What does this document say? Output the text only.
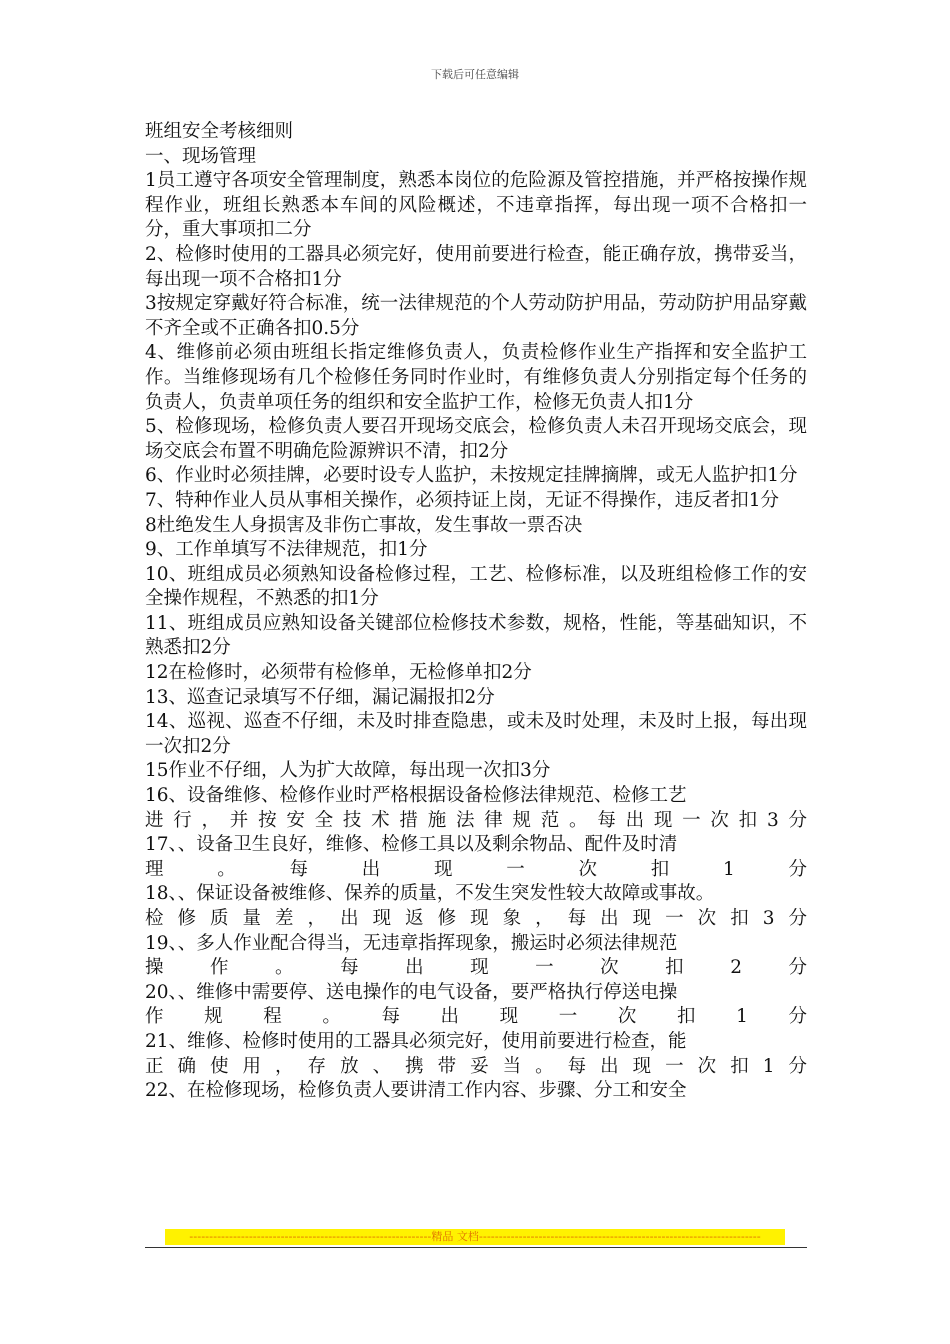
下载后可任意编辑

班组安全考核细则

一、现场管理

1员工遵守各项安全管理制度，熟悉本岗位的危险源及管控措施，并严格按操作规程作业，班组长熟悉本车间的风险概述，不违章指挥，每出现一项不合格扣一分，重大事项扣二分

2、检修时使用的工器具必须完好，使用前要进行检查，能正确存放，携带妥当，每出现一项不合格扣1分

3按规定穿戴好符合标准，统一法律规范的个人劳动防护用品，劳动防护用品穿戴不齐全或不正确各扣0.5分

4、维修前必须由班组长指定维修负责人，负责检修作业生产指挥和安全监护工作。当维修现场有几个检修任务同时作业时，有维修负责人分别指定每个任务的负责人，负责单项任务的组织和安全监护工作，检修无负责人扣1分

5、检修现场，检修负责人要召开现场交底会，检修负责人未召开现场交底会，现场交底会布置不明确危险源辨识不清，扣2分

6、作业时必须挂牌，必要时设专人监护，未按规定挂牌摘牌，或无人监护扣1分

7、特种作业人员从事相关操作，必须持证上岗，无证不得操作，违反者扣1分

8杜绝发生人身损害及非伤亡事故，发生事故一票否决

9、工作单填写不法律规范，扣1分

10、班组成员必须熟知设备检修过程，工艺、检修标准，以及班组检修工作的安全操作规程，不熟悉的扣1分

11、班组成员应熟知设备关键部位检修技术参数，规格，性能，等基础知识，不熟悉扣2分

12在检修时，必须带有检修单，无检修单扣2分

13、巡查记录填写不仔细，漏记漏报扣2分

14、巡视、巡查不仔细，未及时排查隐患，或未及时处理，未及时上报，每出现一次扣2分

15作业不仔细，人为扩大故障，每出现一次扣3分

16、设备维修、检修作业时严格根据设备检修法律规范、检修工艺

进行，并按安全技术措施法律规范。每出现一次扣3分

17、、设备卫生良好，维修、检修工具以及剩余物品、配件及时清

理。每出现一次扣1分

18、、保证设备被维修、保养的质量，不发生突发性较大故障或事故。

检修质量差，出现返修现象，每出现一次扣3分

19、、多人作业配合得当，无违章指挥现象，搬运时必须法律规范

操作。每出现一次扣2分

20、、维修中需要停、送电操作的电气设备，要严格执行停送电操

作规程。每出现一次扣1分

21、维修、检修时使用的工器具必须完好，使用前要进行检查，能

正确使用，存放、携带妥当。每出现一次扣1分

22、在检修现场，检修负责人要讲清工作内容、步骤、分工和安全

-------------------------------------------------------------精品 文档-----------------------------------------------------------------------
